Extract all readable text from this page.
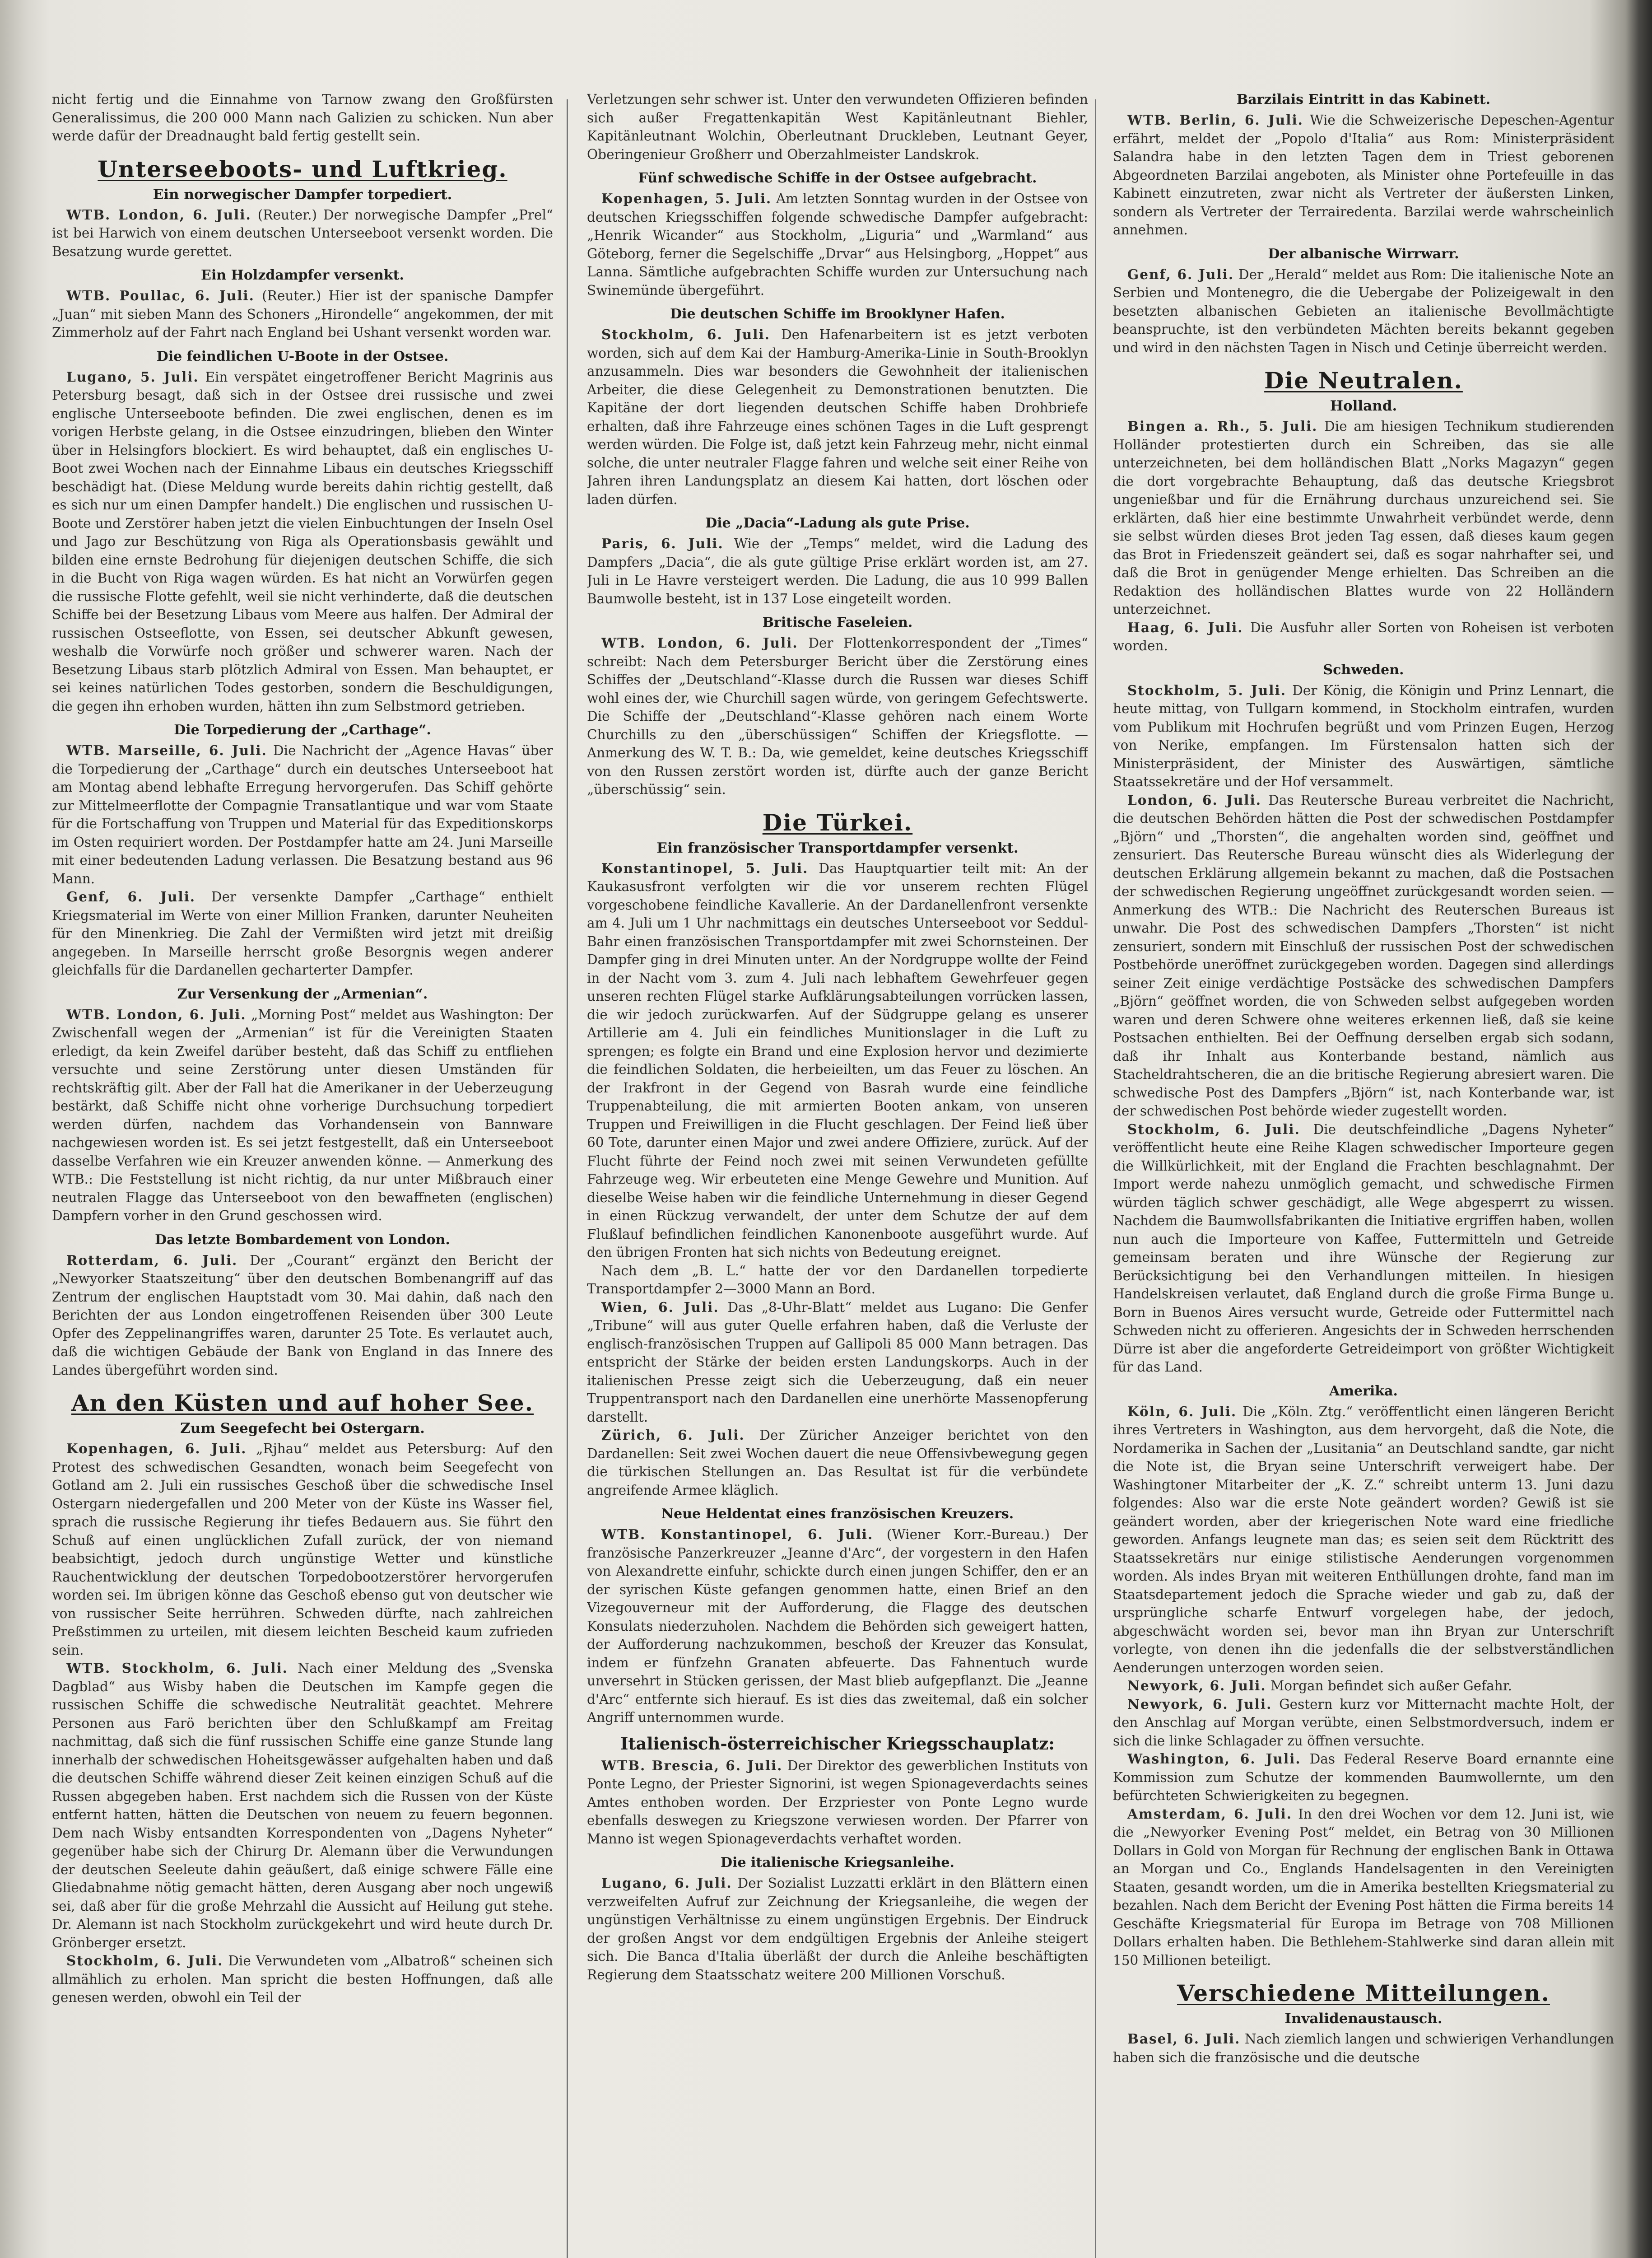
nicht fertig und die Einnahme von Tarnow zwang den Großfürsten Generalissimus, die 200 000 Mann nach Galizien zu schicken. Nun aber werde dafür der Dreadnaught bald fertig gestellt sein.

Unterseeboots- und Luftkrieg.
Ein norwegischer Dampfer torpediert.

WTB. London, 6. Juli. (Reuter.) Der norwegische Dampfer „Prel“ ist bei Harwich von einem deutschen Unterseeboot versenkt worden. Die Besatzung wurde gerettet.

Ein Holzdampfer versenkt.

WTB. Poullac, 6. Juli. (Reuter.) Hier ist der spanische Dampfer „Juan“ mit sieben Mann des Schoners „Hirondelle“ angekommen, der mit Zimmerholz auf der Fahrt nach England bei Ushant versenkt worden war.

Die feindlichen U-Boote in der Ostsee.

Lugano, 5. Juli. Ein verspätet eingetroffener Bericht Magrinis aus Petersburg besagt, daß sich in der Ostsee drei russische und zwei englische Unterseeboote befinden. Die zwei englischen, denen es im vorigen Herbste gelang, in die Ostsee einzudringen, blieben den Winter über in Helsingfors blockiert. Es wird behauptet, daß ein englisches U-Boot zwei Wochen nach der Einnahme Libaus ein deutsches Kriegsschiff beschädigt hat. (Diese Meldung wurde bereits dahin richtig gestellt, daß es sich nur um einen Dampfer handelt.) Die englischen und russischen U-Boote und Zerstörer haben jetzt die vielen Einbuchtungen der Inseln Osel und Jago zur Beschützung von Riga als Operationsbasis gewählt und bilden eine ernste Bedrohung für diejenigen deutschen Schiffe, die sich in die Bucht von Riga wagen würden. Es hat nicht an Vorwürfen gegen die russische Flotte gefehlt, weil sie nicht verhinderte, daß die deutschen Schiffe bei der Besetzung Libaus vom Meere aus halfen. Der Admiral der russischen Ostseeflotte, von Essen, sei deutscher Abkunft gewesen, weshalb die Vorwürfe noch größer und schwerer waren. Nach der Besetzung Libaus starb plötzlich Admiral von Essen. Man behauptet, er sei keines natürlichen Todes gestorben, sondern die Beschuldigungen, die gegen ihn erhoben wurden, hätten ihn zum Selbstmord getrieben.

Die Torpedierung der „Carthage“.

WTB. Marseille, 6. Juli. Die Nachricht der „Agence Havas“ über die Torpedierung der „Carthage“ durch ein deutsches Unterseeboot hat am Montag abend lebhafte Erregung hervorgerufen. Das Schiff gehörte zur Mittelmeerflotte der Compagnie Transatlantique und war vom Staate für die Fortschaffung von Truppen und Material für das Expeditionskorps im Osten requiriert worden. Der Postdampfer hatte am 24. Juni Marseille mit einer bedeutenden Ladung verlassen. Die Besatzung bestand aus 96 Mann.

Genf, 6. Juli. Der versenkte Dampfer „Carthage“ enthielt Kriegsmaterial im Werte von einer Million Franken, darunter Neuheiten für den Minenkrieg. Die Zahl der Vermißten wird jetzt mit dreißig angegeben. In Marseille herrscht große Besorgnis wegen anderer gleichfalls für die Dardanellen gecharterter Dampfer.

Zur Versenkung der „Armenian“.

WTB. London, 6. Juli. „Morning Post“ meldet aus Washington: Der Zwischenfall wegen der „Armenian“ ist für die Vereinigten Staaten erledigt, da kein Zweifel darüber besteht, daß das Schiff zu entfliehen versuchte und seine Zerstörung unter diesen Umständen für rechtskräftig gilt. Aber der Fall hat die Amerikaner in der Ueberzeugung bestärkt, daß Schiffe nicht ohne vorherige Durchsuchung torpediert werden dürfen, nachdem das Vorhandensein von Bannware nachgewiesen worden ist. Es sei jetzt festgestellt, daß ein Unterseeboot dasselbe Verfahren wie ein Kreuzer anwenden könne. — Anmerkung des WTB.: Die Feststellung ist nicht richtig, da nur unter Mißbrauch einer neutralen Flagge das Unterseeboot von den bewaffneten (englischen) Dampfern vorher in den Grund geschossen wird.

Das letzte Bombardement von London.

Rotterdam, 6. Juli. Der „Courant“ ergänzt den Bericht der „Newyorker Staatszeitung“ über den deutschen Bombenangriff auf das Zentrum der englischen Hauptstadt vom 30. Mai dahin, daß nach den Berichten der aus London eingetroffenen Reisenden über 300 Leute Opfer des Zeppelinangriffes waren, darunter 25 Tote. Es verlautet auch, daß die wichtigen Gebäude der Bank von England in das Innere des Landes übergeführt worden sind.

An den Küsten und auf hoher See.
Zum Seegefecht bei Ostergarn.

Kopenhagen, 6. Juli. „Rjhau“ meldet aus Petersburg: Auf den Protest des schwedischen Gesandten, wonach beim Seegefecht von Gotland am 2. Juli ein russisches Geschoß über die schwedische Insel Ostergarn niedergefallen und 200 Meter von der Küste ins Wasser fiel, sprach die russische Regierung ihr tiefes Bedauern aus. Sie führt den Schuß auf einen unglücklichen Zufall zurück, der von niemand beabsichtigt, jedoch durch ungünstige Wetter und künstliche Rauchentwicklung der deutschen Torpedobootzerstörer hervorgerufen worden sei. Im übrigen könne das Geschoß ebenso gut von deutscher wie von russischer Seite herrühren. Schweden dürfte, nach zahlreichen Preßstimmen zu urteilen, mit diesem leichten Bescheid kaum zufrieden sein.

WTB. Stockholm, 6. Juli. Nach einer Meldung des „Svenska Dagblad“ aus Wisby haben die Deutschen im Kampfe gegen die russischen Schiffe die schwedische Neutralität geachtet. Mehrere Personen aus Farö berichten über den Schlußkampf am Freitag nachmittag, daß sich die fünf russischen Schiffe eine ganze Stunde lang innerhalb der schwedischen Hoheitsgewässer aufgehalten haben und daß die deutschen Schiffe während dieser Zeit keinen einzigen Schuß auf die Russen abgegeben haben. Erst nachdem sich die Russen von der Küste entfernt hatten, hätten die Deutschen von neuem zu feuern begonnen. Dem nach Wisby entsandten Korrespondenten von „Dagens Nyheter“ gegenüber habe sich der Chirurg Dr. Alemann über die Verwundungen der deutschen Seeleute dahin geäußert, daß einige schwere Fälle eine Gliedabnahme nötig gemacht hätten, deren Ausgang aber noch ungewiß sei, daß aber für die große Mehrzahl die Aussicht auf Heilung gut stehe. Dr. Alemann ist nach Stockholm zurückgekehrt und wird heute durch Dr. Grönberger ersetzt.

Stockholm, 6. Juli. Die Verwundeten vom „Albatroß“ scheinen sich allmählich zu erholen. Man spricht die besten Hoffnungen, daß alle genesen werden, obwohl ein Teil der

Verletzungen sehr schwer ist. Unter den verwundeten Offizieren befinden sich außer Fregattenkapitän West Kapitänleutnant Biehler, Kapitänleutnant Wolchin, Oberleutnant Druckleben, Leutnant Geyer, Oberingenieur Großherr und Oberzahlmeister Landskrok.

Fünf schwedische Schiffe in der Ostsee aufgebracht.

Kopenhagen, 5. Juli. Am letzten Sonntag wurden in der Ostsee von deutschen Kriegsschiffen folgende schwedische Dampfer aufgebracht: „Henrik Wicander“ aus Stockholm, „Liguria“ und „Warmland“ aus Göteborg, ferner die Segelschiffe „Drvar“ aus Helsingborg, „Hoppet“ aus Lanna. Sämtliche aufgebrachten Schiffe wurden zur Untersuchung nach Swinemünde übergeführt.

Die deutschen Schiffe im Brooklyner Hafen.

Stockholm, 6. Juli. Den Hafenarbeitern ist es jetzt verboten worden, sich auf dem Kai der Hamburg-Amerika-Linie in South-Brooklyn anzusammeln. Dies war besonders die Gewohnheit der italienischen Arbeiter, die diese Gelegenheit zu Demonstrationen benutzten. Die Kapitäne der dort liegenden deutschen Schiffe haben Drohbriefe erhalten, daß ihre Fahrzeuge eines schönen Tages in die Luft gesprengt werden würden. Die Folge ist, daß jetzt kein Fahrzeug mehr, nicht einmal solche, die unter neutraler Flagge fahren und welche seit einer Reihe von Jahren ihren Landungsplatz an diesem Kai hatten, dort löschen oder laden dürfen.

Die „Dacia“-Ladung als gute Prise.

Paris, 6. Juli. Wie der „Temps“ meldet, wird die Ladung des Dampfers „Dacia“, die als gute gültige Prise erklärt worden ist, am 27. Juli in Le Havre versteigert werden. Die Ladung, die aus 10 999 Ballen Baumwolle besteht, ist in 137 Lose eingeteilt worden.

Britische Faseleien.

WTB. London, 6. Juli. Der Flottenkorrespondent der „Times“ schreibt: Nach dem Petersburger Bericht über die Zerstörung eines Schiffes der „Deutschland“-Klasse durch die Russen war dieses Schiff wohl eines der, wie Churchill sagen würde, von geringem Gefechtswerte. Die Schiffe der „Deutschland“-Klasse gehören nach einem Worte Churchills zu den „überschüssigen“ Schiffen der Kriegsflotte. — Anmerkung des W. T. B.: Da, wie gemeldet, keine deutsches Kriegsschiff von den Russen zerstört worden ist, dürfte auch der ganze Bericht „überschüssig“ sein.

Die Türkei.
Ein französischer Transportdampfer versenkt.

Konstantinopel, 5. Juli. Das Hauptquartier teilt mit: An der Kaukasusfront verfolgten wir die vor unserem rechten Flügel vorgeschobene feindliche Kavallerie. An der Dardanellenfront versenkte am 4. Juli um 1 Uhr nachmittags ein deutsches Unterseeboot vor Seddul-Bahr einen französischen Transportdampfer mit zwei Schornsteinen. Der Dampfer ging in drei Minuten unter. An der Nordgruppe wollte der Feind in der Nacht vom 3. zum 4. Juli nach lebhaftem Gewehrfeuer gegen unseren rechten Flügel starke Aufklärungsabteilungen vorrücken lassen, die wir jedoch zurückwarfen. Auf der Südgruppe gelang es unserer Artillerie am 4. Juli ein feindliches Munitionslager in die Luft zu sprengen; es folgte ein Brand und eine Explosion hervor und dezimierte die feindlichen Soldaten, die herbeieilten, um das Feuer zu löschen. An der Irakfront in der Gegend von Basrah wurde eine feindliche Truppenabteilung, die mit armierten Booten ankam, von unseren Truppen und Freiwilligen in die Flucht geschlagen. Der Feind ließ über 60 Tote, darunter einen Major und zwei andere Offiziere, zurück. Auf der Flucht führte der Feind noch zwei mit seinen Verwundeten gefüllte Fahrzeuge weg. Wir erbeuteten eine Menge Gewehre und Munition. Auf dieselbe Weise haben wir die feindliche Unternehmung in dieser Gegend in einen Rückzug verwandelt, der unter dem Schutze der auf dem Flußlauf befindlichen feindlichen Kanonenboote ausgeführt wurde. Auf den übrigen Fronten hat sich nichts von Bedeutung ereignet.

Nach dem „B. L.“ hatte der vor den Dardanellen torpedierte Transportdampfer 2—3000 Mann an Bord.

Wien, 6. Juli. Das „8-Uhr-Blatt“ meldet aus Lugano: Die Genfer „Tribune“ will aus guter Quelle erfahren haben, daß die Verluste der englisch-französischen Truppen auf Gallipoli 85 000 Mann betragen. Das entspricht der Stärke der beiden ersten Landungskorps. Auch in der italienischen Presse zeigt sich die Ueberzeugung, daß ein neuer Truppentransport nach den Dardanellen eine unerhörte Massenopferung darstellt.

Zürich, 6. Juli. Der Züricher Anzeiger berichtet von den Dardanellen: Seit zwei Wochen dauert die neue Offensivbewegung gegen die türkischen Stellungen an. Das Resultat ist für die verbündete angreifende Armee kläglich.

Neue Heldentat eines französischen Kreuzers.

WTB. Konstantinopel, 6. Juli. (Wiener Korr.-Bureau.) Der französische Panzerkreuzer „Jeanne d'Arc“, der vorgestern in den Hafen von Alexandrette einfuhr, schickte durch einen jungen Schiffer, den er an der syrischen Küste gefangen genommen hatte, einen Brief an den Vizegouverneur mit der Aufforderung, die Flagge des deutschen Konsulats niederzuholen. Nachdem die Behörden sich geweigert hatten, der Aufforderung nachzukommen, beschoß der Kreuzer das Konsulat, indem er fünfzehn Granaten abfeuerte. Das Fahnentuch wurde unversehrt in Stücken gerissen, der Mast blieb aufgepflanzt. Die „Jeanne d'Arc“ entfernte sich hierauf. Es ist dies das zweitemal, daß ein solcher Angriff unternommen wurde.

Italienisch-österreichischer Kriegsschauplatz:

WTB. Brescia, 6. Juli. Der Direktor des gewerblichen Instituts von Ponte Legno, der Priester Signorini, ist wegen Spionageverdachts seines Amtes enthoben worden. Der Erzpriester von Ponte Legno wurde ebenfalls deswegen zu Kriegszone verwiesen worden. Der Pfarrer von Manno ist wegen Spionageverdachts verhaftet worden.

Die italienische Kriegsanleihe.

Lugano, 6. Juli. Der Sozialist Luzzatti erklärt in den Blättern einen verzweifelten Aufruf zur Zeichnung der Kriegsanleihe, die wegen der ungünstigen Verhältnisse zu einem ungünstigen Ergebnis. Der Eindruck der großen Angst vor dem endgültigen Ergebnis der Anleihe steigert sich. Die Banca d'Italia überläßt der durch die Anleihe beschäftigten Regierung dem Staatsschatz weitere 200 Millionen Vorschuß.

Barzilais Eintritt in das Kabinett.

WTB. Berlin, 6. Juli. Wie die Schweizerische Depeschen-Agentur erfährt, meldet der „Popolo d'Italia“ aus Rom: Ministerpräsident Salandra habe in den letzten Tagen dem in Triest geborenen Abgeordneten Barzilai angeboten, als Minister ohne Portefeuille in das Kabinett einzutreten, zwar nicht als Vertreter der äußersten Linken, sondern als Vertreter der Terrairedenta. Barzilai werde wahrscheinlich annehmen.

Der albanische Wirrwarr.

Genf, 6. Juli. Der „Herald“ meldet aus Rom: Die italienische Note an Serbien und Montenegro, die die Uebergabe der Polizeigewalt in den besetzten albanischen Gebieten an italienische Bevollmächtigte beanspruchte, ist den verbündeten Mächten bereits bekannt gegeben und wird in den nächsten Tagen in Nisch und Cetinje überreicht werden.

Die Neutralen.
Holland.

Bingen a. Rh., 5. Juli. Die am hiesigen Technikum studierenden Holländer protestierten durch ein Schreiben, das sie alle unterzeichneten, bei dem holländischen Blatt „Norks Magazyn“ gegen die dort vorgebrachte Behauptung, daß das deutsche Kriegsbrot ungenießbar und für die Ernährung durchaus unzureichend sei. Sie erklärten, daß hier eine bestimmte Unwahrheit verbündet werde, denn sie selbst würden dieses Brot jeden Tag essen, daß dieses kaum gegen das Brot in Friedenszeit geändert sei, daß es sogar nahrhafter sei, und daß die Brot in genügender Menge erhielten. Das Schreiben an die Redaktion des holländischen Blattes wurde von 22 Holländern unterzeichnet.

Haag, 6. Juli. Die Ausfuhr aller Sorten von Roheisen ist verboten worden.

Schweden.

Stockholm, 5. Juli. Der König, die Königin und Prinz Lennart, die heute mittag, von Tullgarn kommend, in Stockholm eintrafen, wurden vom Publikum mit Hochrufen begrüßt und vom Prinzen Eugen, Herzog von Nerike, empfangen. Im Fürstensalon hatten sich der Ministerpräsident, der Minister des Auswärtigen, sämtliche Staatssekretäre und der Hof versammelt.

London, 6. Juli. Das Reutersche Bureau verbreitet die Nachricht, die deutschen Behörden hätten die Post der schwedischen Postdampfer „Björn“ und „Thorsten“, die angehalten worden sind, geöffnet und zensuriert. Das Reutersche Bureau wünscht dies als Widerlegung der deutschen Erklärung allgemein bekannt zu machen, daß die Postsachen der schwedischen Regierung ungeöffnet zurückgesandt worden seien. — Anmerkung des WTB.: Die Nachricht des Reuterschen Bureaus ist unwahr. Die Post des schwedischen Dampfers „Thorsten“ ist nicht zensuriert, sondern mit Einschluß der russischen Post der schwedischen Postbehörde uneröffnet zurückgegeben worden. Dagegen sind allerdings seiner Zeit einige verdächtige Postsäcke des schwedischen Dampfers „Björn“ geöffnet worden, die von Schweden selbst aufgegeben worden waren und deren Schwere ohne weiteres erkennen ließ, daß sie keine Postsachen enthielten. Bei der Oeffnung derselben ergab sich sodann, daß ihr Inhalt aus Konterbande bestand, nämlich aus Stacheldrahtscheren, die an die britische Regierung abresiert waren. Die schwedische Post des Dampfers „Björn“ ist, nach Konterbande war, ist der schwedischen Post behörde wieder zugestellt worden.

Stockholm, 6. Juli. Die deutschfeindliche „Dagens Nyheter“ veröffentlicht heute eine Reihe Klagen schwedischer Importeure gegen die Willkürlichkeit, mit der England die Frachten beschlagnahmt. Der Import werde nahezu unmöglich gemacht, und schwedische Firmen würden täglich schwer geschädigt, alle Wege abgesperrt zu wissen. Nachdem die Baumwollsfabrikanten die Initiative ergriffen haben, wollen nun auch die Importeure von Kaffee, Futtermitteln und Getreide gemeinsam beraten und ihre Wünsche der Regierung zur Berücksichtigung bei den Verhandlungen mitteilen. In hiesigen Handelskreisen verlautet, daß England durch die große Firma Bunge u. Born in Buenos Aires versucht wurde, Getreide oder Futtermittel nach Schweden nicht zu offerieren. Angesichts der in Schweden herrschenden Dürre ist aber die angeforderte Getreideimport von größter Wichtigkeit für das Land.

Amerika.

Köln, 6. Juli. Die „Köln. Ztg.“ veröffentlicht einen längeren Bericht ihres Vertreters in Washington, aus dem hervorgeht, daß die Note, die Nordamerika in Sachen der „Lusitania“ an Deutschland sandte, gar nicht die Note ist, die Bryan seine Unterschrift verweigert habe. Der Washingtoner Mitarbeiter der „K. Z.“ schreibt unterm 13. Juni dazu folgendes: Also war die erste Note geändert worden? Gewiß ist sie geändert worden, aber der kriegerischen Note ward eine friedliche geworden. Anfangs leugnete man das; es seien seit dem Rücktritt des Staatssekretärs nur einige stilistische Aenderungen vorgenommen worden. Als indes Bryan mit weiteren Enthüllungen drohte, fand man im Staatsdepartement jedoch die Sprache wieder und gab zu, daß der ursprüngliche scharfe Entwurf vorgelegen habe, der jedoch, abgeschwächt worden sei, bevor man ihn Bryan zur Unterschrift vorlegte, von denen ihn die jedenfalls die der selbstverständlichen Aenderungen unterzogen worden seien.

Newyork, 6. Juli. Morgan befindet sich außer Gefahr.

Newyork, 6. Juli. Gestern kurz vor Mitternacht machte Holt, der den Anschlag auf Morgan verübte, einen Selbstmordversuch, indem er sich die linke Schlagader zu öffnen versuchte.

Washington, 6. Juli. Das Federal Reserve Board ernannte eine Kommission zum Schutze der kommenden Baumwollernte, um den befürchteten Schwierigkeiten zu begegnen.

Amsterdam, 6. Juli. In den drei Wochen vor dem 12. Juni ist, wie die „Newyorker Evening Post“ meldet, ein Betrag von 30 Millionen Dollars in Gold von Morgan für Rechnung der englischen Bank in Ottawa an Morgan und Co., Englands Handelsagenten in den Vereinigten Staaten, gesandt worden, um die in Amerika bestellten Kriegsmaterial zu bezahlen. Nach dem Bericht der Evening Post hätten die Firma bereits 14 Geschäfte Kriegsmaterial für Europa im Betrage von 708 Millionen Dollars erhalten haben. Die Bethlehem-Stahlwerke sind daran allein mit 150 Millionen beteiligt.

Verschiedene Mitteilungen.
Invalidenaustausch.

Basel, 6. Juli. Nach ziemlich langen und schwierigen Verhandlungen haben sich die französische und die deutsche
